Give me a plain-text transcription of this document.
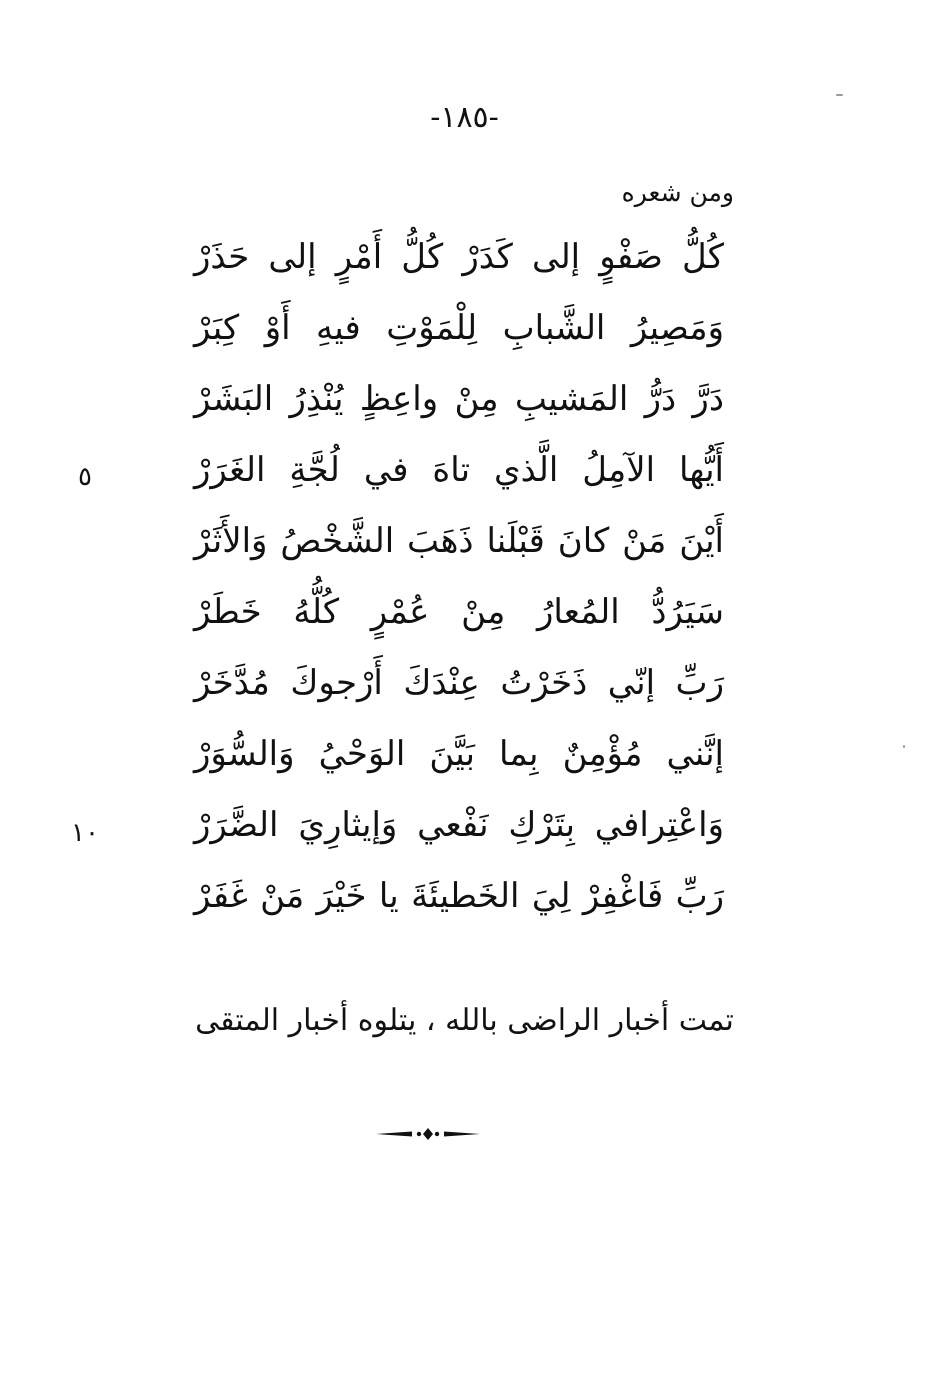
-١٨٥-
ومن شعره
كُلُّ صَفْوٍ إلى كَدَرْ كُلُّ أَمْرٍ إلى حَذَرْ
وَمَصِيرُ الشَّبابِ لِلْمَوْتِ فيهِ أَوْ كِبَرْ
دَرَّ دَرُّ المَشيبِ مِنْ واعِظٍ يُنْذِرُ البَشَرْ
أَيُّها الآمِلُ الَّذي تاهَ في لُجَّةِ الغَرَرْ
أَيْنَ مَنْ كانَ قَبْلَنا ذَهَبَ الشَّخْصُ وَالأَثَرْ
سَيَرُدُّ المُعارُ مِنْ عُمْرٍ كُلُّهُ خَطَرْ
رَبِّ إنّي ذَخَرْتُ عِنْدَكَ أَرْجوكَ مُدَّخَرْ
إنَّني مُؤْمِنٌ بِما بَيَّنَ الوَحْيُ وَالسُّوَرْ
وَاعْتِرافي بِتَرْكِ نَفْعي وَإيثارِيَ الضَّرَرْ
رَبِّ فَاغْفِرْ لِيَ الخَطيئَةَ يا خَيْرَ مَنْ غَفَرْ
٥
١٠
تمت أخبار الراضى بالله ، يتلوه أخبار المتقى
